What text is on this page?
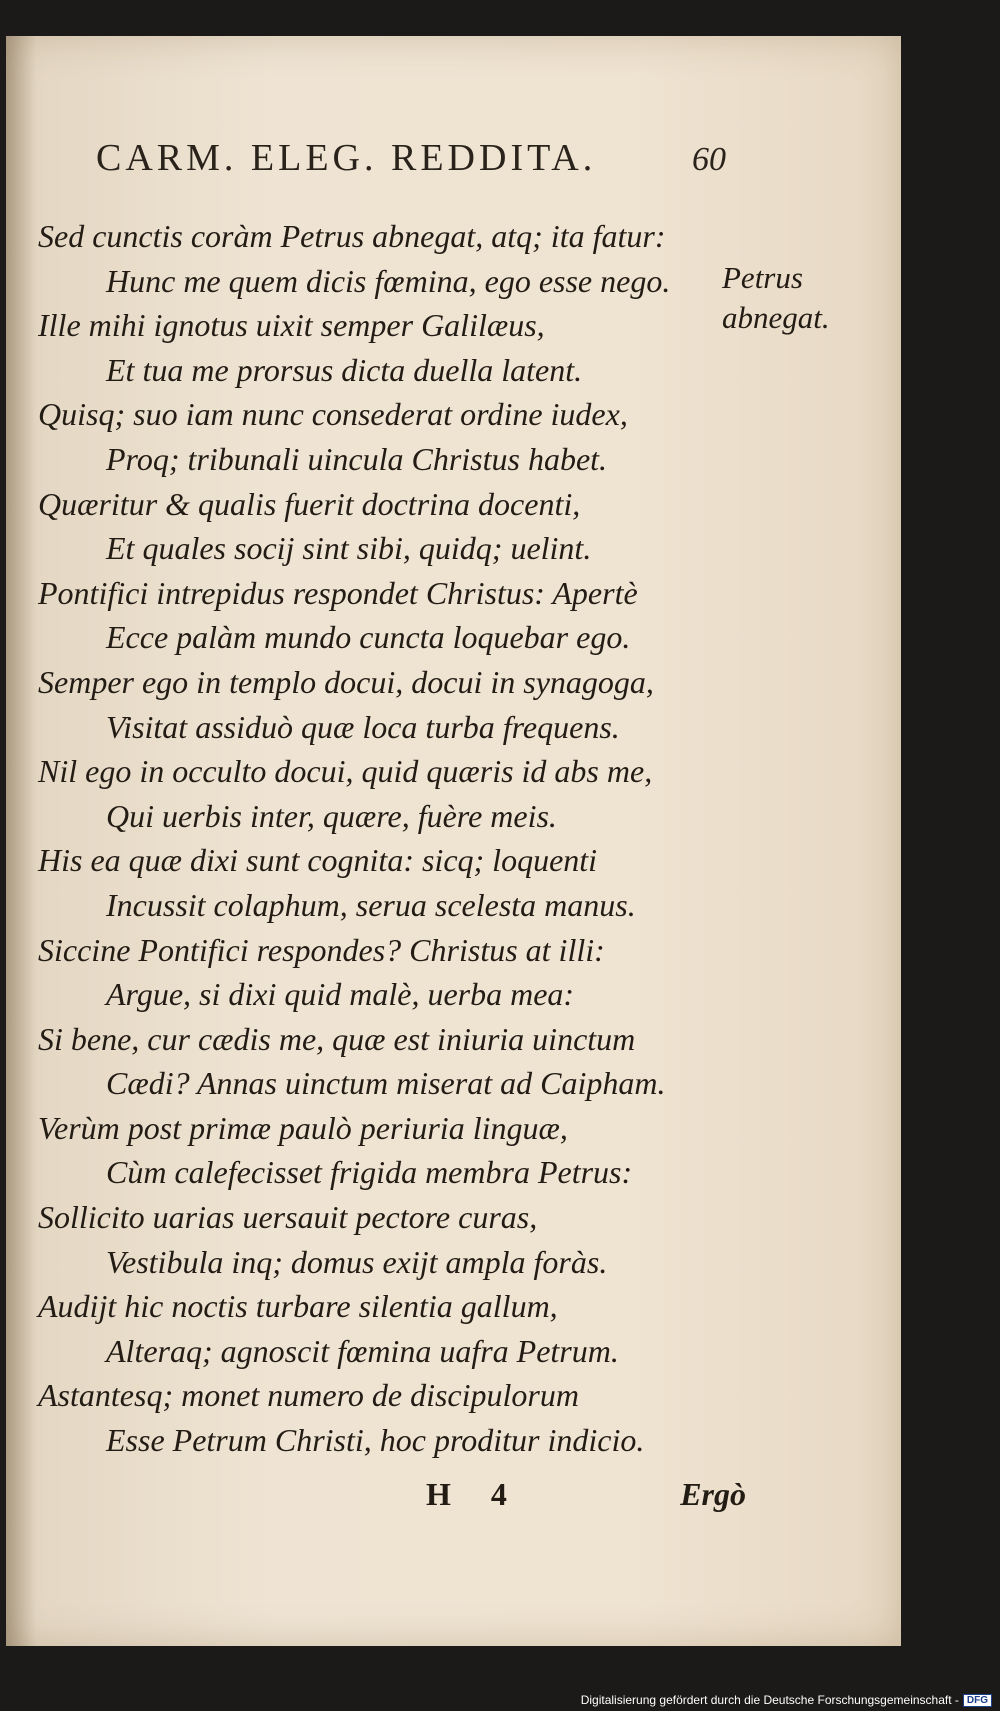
CARM. ELEG. REDDITA.	60
Sed cunctis coràm Petrus abnegat, atq; ita fatur:
Hunc me quem dicis fœmina, ego esse nego.
Ille mihi ignotus uixit semper Galilæus,
Et tua me prorsus dicta duella latent.
Quisq; suo iam nunc consederat ordine iudex,
Proq; tribunali uincula Christus habet.
Quæritur & qualis fuerit doctrina docenti,
Et quales socij sint sibi, quidq; uelint.
Pontifici intrepidus respondet Christus: Apertè
Ecce palàm mundo cuncta loquebar ego.
Semper ego in templo docui, docui in synagoga,
Visitat assiduò quæ loca turba frequens.
Nil ego in occulto docui, quid quæris id abs me,
Qui uerbis inter, quære, fuère meis.
His ea quæ dixi sunt cognita: sicq; loquenti
Incussit colaphum, serua scelesta manus.
Siccine Pontifici respondes? Christus at illi:
Argue, si dixi quid malè, uerba mea:
Si bene, cur cædis me, quæ est iniuria uinctum
Cædi? Annas uinctum miserat ad Caipham.
Verùm post primæ paulò periuria linguæ,
Cùm calefecisset frigida membra Petrus:
Sollicito uarias uersauit pectore curas,
Vestibula inq; domus exijt ampla foràs.
Audijt hic noctis turbare silentia gallum,
Alteraq; agnoscit fœmina uafra Petrum.
Astantesq; monet numero de discipulorum
Esse Petrum Christi, hoc proditur indicio.
Petrus
abnegat.
H 4	Ergò
Digitalisierung gefördert durch die Deutsche Forschungsgemeinschaft - DFG
